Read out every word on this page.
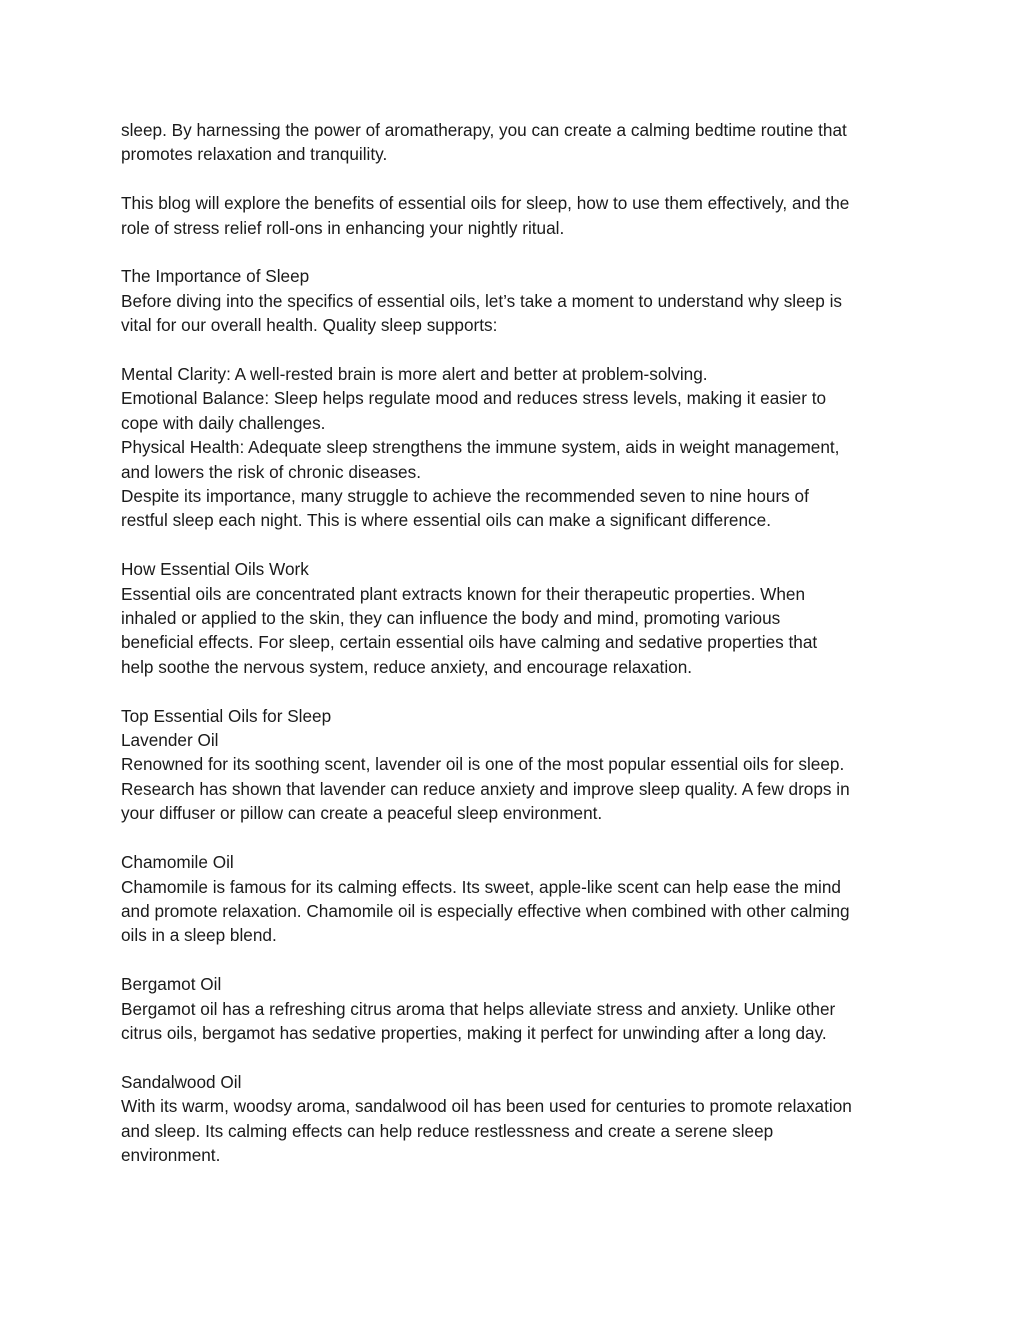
sleep. By harnessing the power of aromatherapy, you can create a calming bedtime routine that
promotes relaxation and tranquility.
This blog will explore the benefits of essential oils for sleep, how to use them effectively, and the
role of stress relief roll-ons in enhancing your nightly ritual.
The Importance of Sleep
Before diving into the specifics of essential oils, let’s take a moment to understand why sleep is
vital for our overall health. Quality sleep supports:
Mental Clarity: A well-rested brain is more alert and better at problem-solving.
Emotional Balance: Sleep helps regulate mood and reduces stress levels, making it easier to
cope with daily challenges.
Physical Health: Adequate sleep strengthens the immune system, aids in weight management,
and lowers the risk of chronic diseases.
Despite its importance, many struggle to achieve the recommended seven to nine hours of
restful sleep each night. This is where essential oils can make a significant difference.
How Essential Oils Work
Essential oils are concentrated plant extracts known for their therapeutic properties. When
inhaled or applied to the skin, they can influence the body and mind, promoting various
beneficial effects. For sleep, certain essential oils have calming and sedative properties that
help soothe the nervous system, reduce anxiety, and encourage relaxation.
Top Essential Oils for Sleep
Lavender Oil
Renowned for its soothing scent, lavender oil is one of the most popular essential oils for sleep.
Research has shown that lavender can reduce anxiety and improve sleep quality. A few drops in
your diffuser or pillow can create a peaceful sleep environment.
Chamomile Oil
Chamomile is famous for its calming effects. Its sweet, apple-like scent can help ease the mind
and promote relaxation. Chamomile oil is especially effective when combined with other calming
oils in a sleep blend.
Bergamot Oil
Bergamot oil has a refreshing citrus aroma that helps alleviate stress and anxiety. Unlike other
citrus oils, bergamot has sedative properties, making it perfect for unwinding after a long day.
Sandalwood Oil
With its warm, woodsy aroma, sandalwood oil has been used for centuries to promote relaxation
and sleep. Its calming effects can help reduce restlessness and create a serene sleep
environment.
